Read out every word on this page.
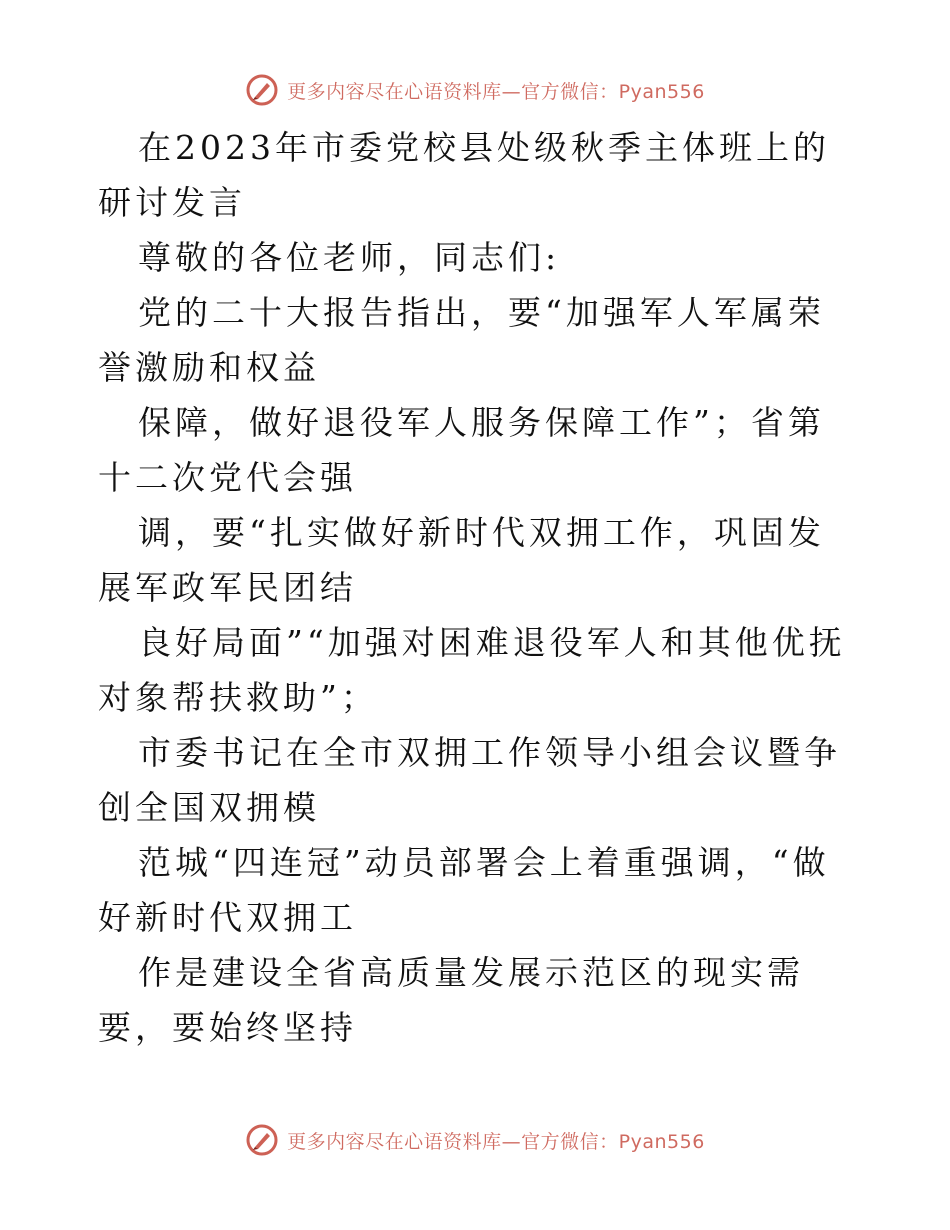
更多内容尽在心语资料库—官方微信：Pyan556

在2023年市委党校县处级秋季主体班上的研讨发言

尊敬的各位老师，同志们:

党的二十大报告指出，要“加强军人军属荣誉激励和权益

保障，做好退役军人服务保障工作”；省第十二次党代会强

调，要“扎实做好新时代双拥工作，巩固发展军政军民团结

良好局面”“加强对困难退役军人和其他优抚对象帮扶救助”；

市委书记在全市双拥工作领导小组会议暨争创全国双拥模

范城“四连冠”动员部署会上着重强调，“做好新时代双拥工

作是建设全省高质量发展示范区的现实需要，要始终坚持

更多内容尽在心语资料库—官方微信：Pyan556
